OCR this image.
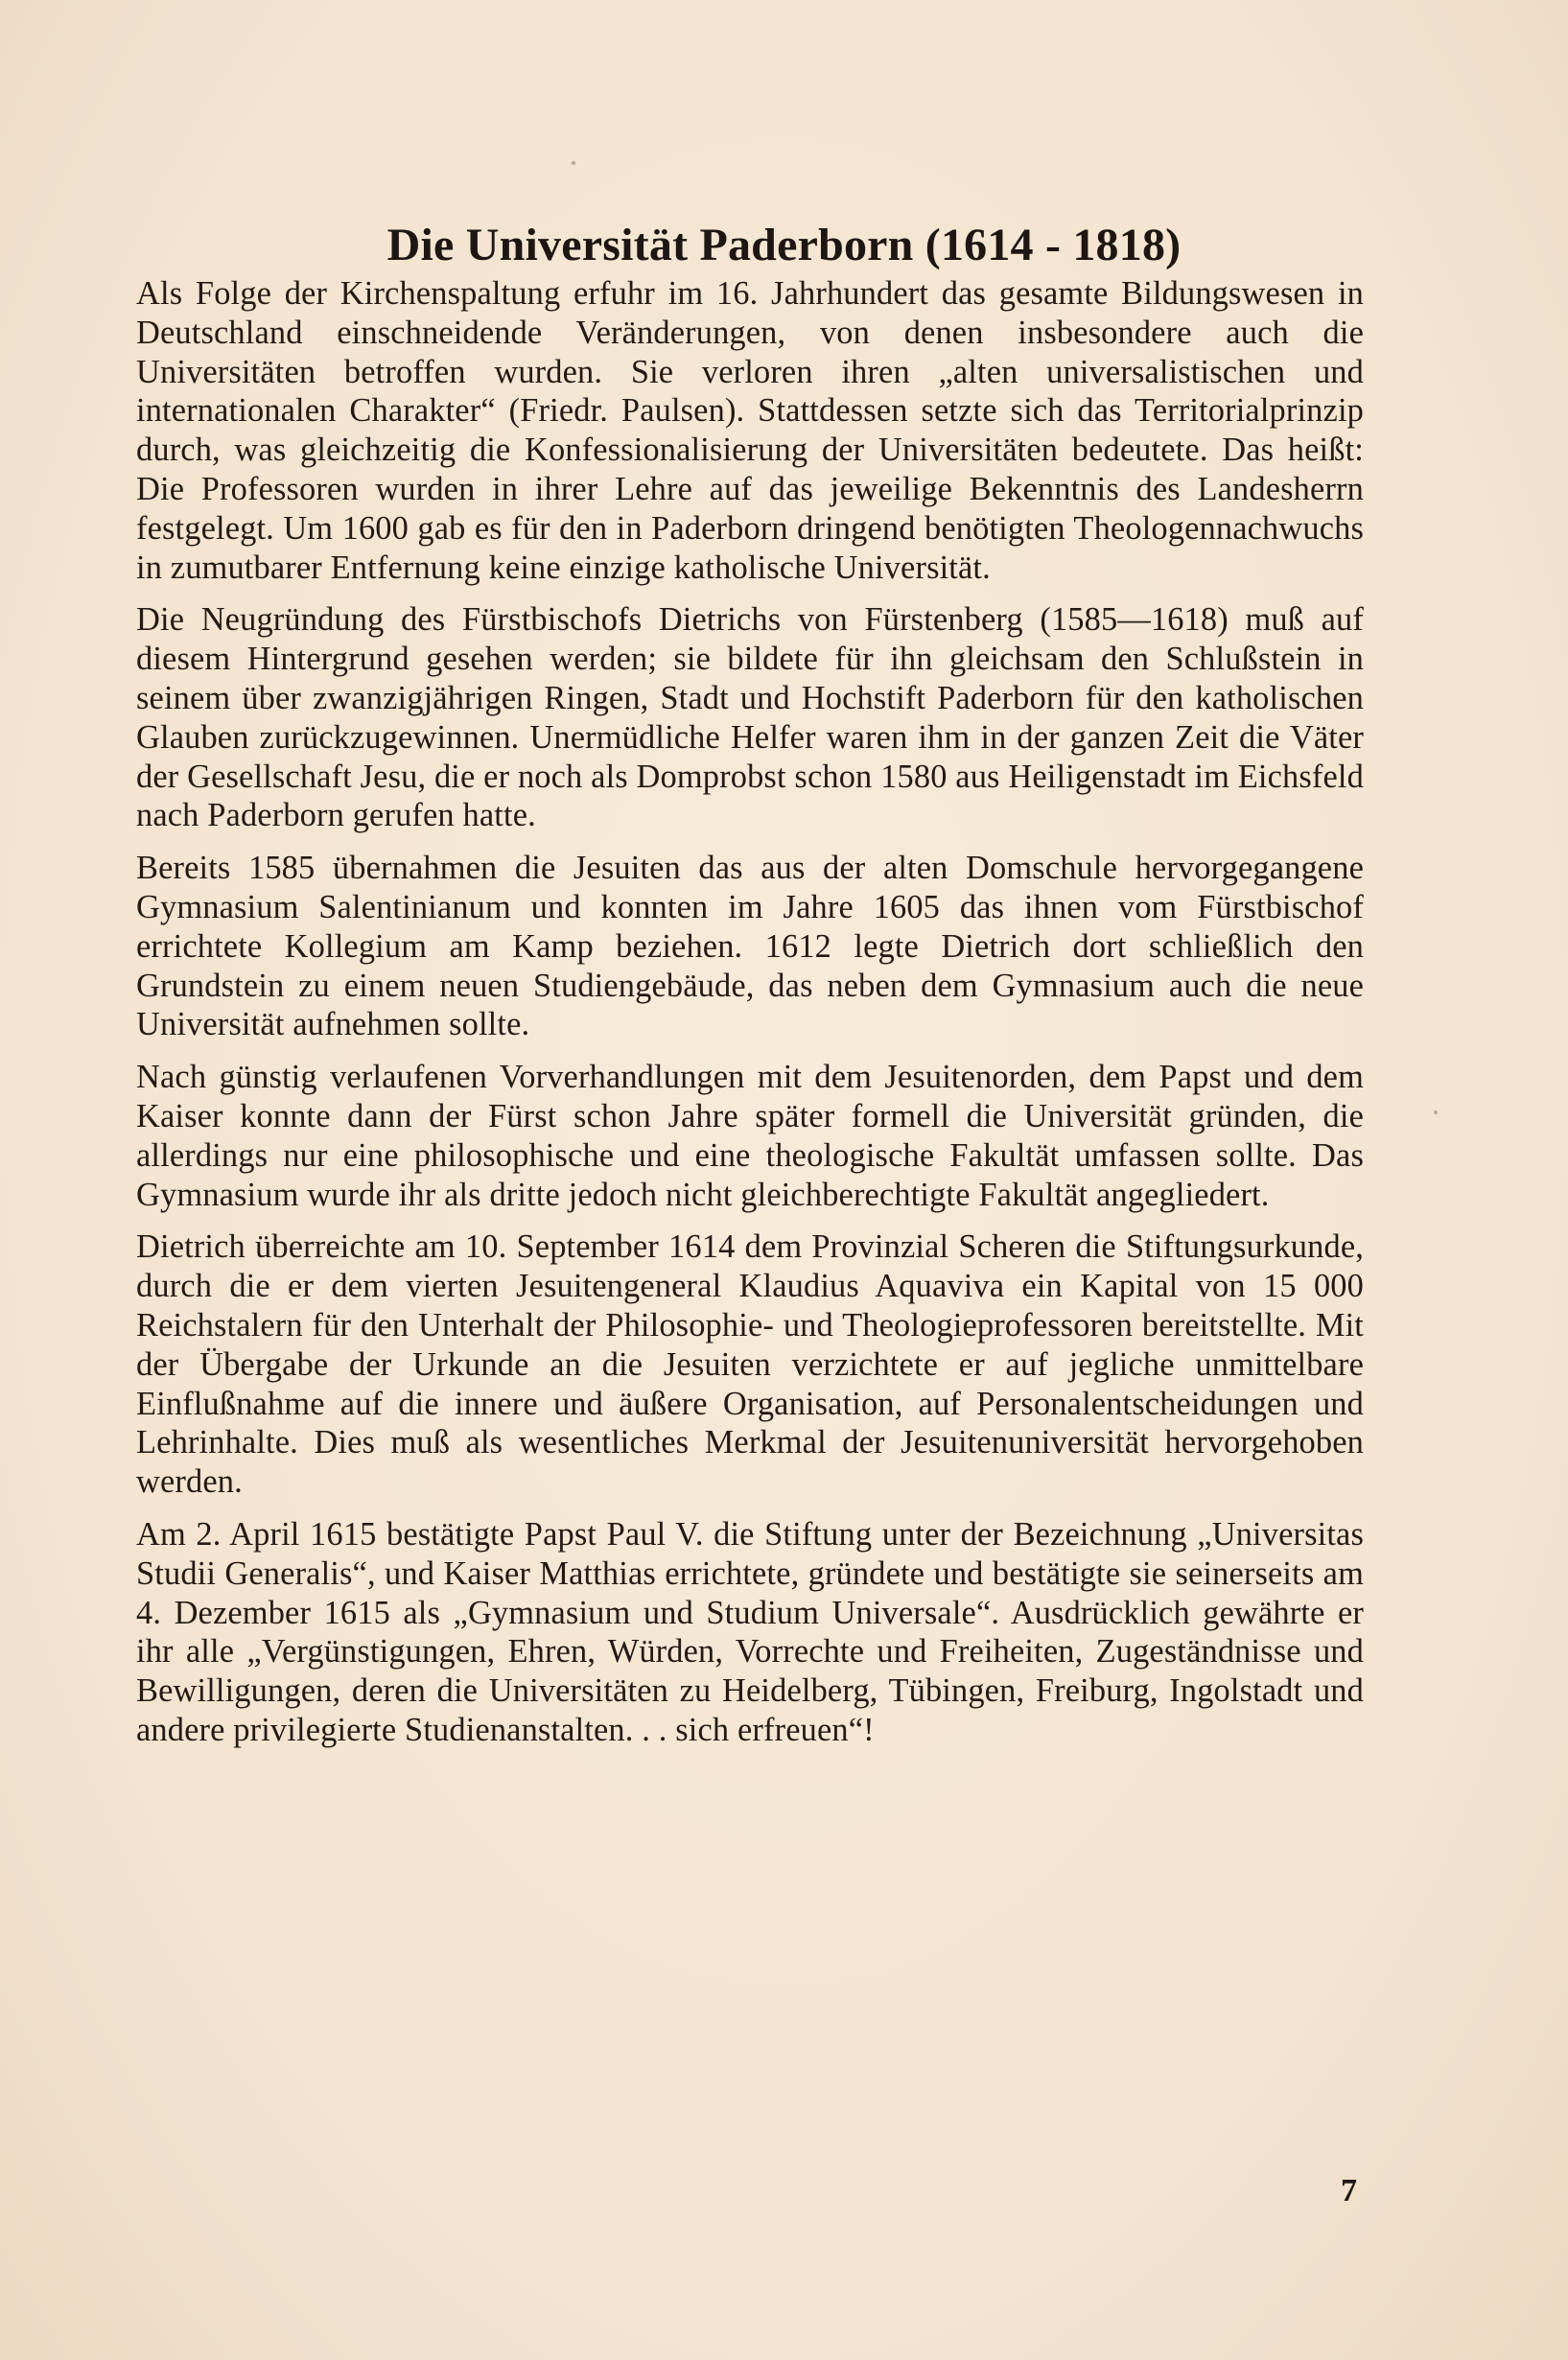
Die Universität Paderborn (1614 - 1818)

Als Folge der Kirchenspaltung erfuhr im 16. Jahrhundert das gesamte Bildungswesen in Deutschland einschneidende Veränderungen, von denen insbesondere auch die Universitäten betroffen wurden. Sie verloren ihren „alten universalistischen und internationalen Charakter“ (Friedr. Paulsen). Stattdessen setzte sich das Territorialprinzip durch, was gleichzeitig die Konfessionalisierung der Universitäten bedeutete. Das heißt: Die Professoren wurden in ihrer Lehre auf das jeweilige Bekenntnis des Landesherrn festgelegt. Um 1600 gab es für den in Paderborn dringend benötigten Theologennachwuchs in zumutbarer Entfernung keine einzige katholische Universität.

Die Neugründung des Fürstbischofs Dietrichs von Fürstenberg (1585—1618) muß auf diesem Hintergrund gesehen werden; sie bildete für ihn gleichsam den Schlußstein in seinem über zwanzigjährigen Ringen, Stadt und Hochstift Paderborn für den katholischen Glauben zurückzugewinnen. Unermüdliche Helfer waren ihm in der ganzen Zeit die Väter der Gesellschaft Jesu, die er noch als Domprobst schon 1580 aus Heiligenstadt im Eichsfeld nach Paderborn gerufen hatte.

Bereits 1585 übernahmen die Jesuiten das aus der alten Domschule hervorgegangene Gymnasium Salentinianum und konnten im Jahre 1605 das ihnen vom Fürstbischof errichtete Kollegium am Kamp beziehen. 1612 legte Dietrich dort schließlich den Grundstein zu einem neuen Studiengebäude, das neben dem Gymnasium auch die neue Universität aufnehmen sollte.

Nach günstig verlaufenen Vorverhandlungen mit dem Jesuitenorden, dem Papst und dem Kaiser konnte dann der Fürst schon Jahre später formell die Universität gründen, die allerdings nur eine philosophische und eine theologische Fakultät umfassen sollte. Das Gymnasium wurde ihr als dritte jedoch nicht gleichberechtigte Fakultät angegliedert.

Dietrich überreichte am 10. September 1614 dem Provinzial Scheren die Stiftungsurkunde, durch die er dem vierten Jesuitengeneral Klaudius Aquaviva ein Kapital von 15 000 Reichstalern für den Unterhalt der Philosophie- und Theologieprofessoren bereitstellte. Mit der Übergabe der Urkunde an die Jesuiten verzichtete er auf jegliche unmittelbare Einflußnahme auf die innere und äußere Organisation, auf Personalentscheidungen und Lehrinhalte. Dies muß als wesentliches Merkmal der Jesuitenuniversität hervorgehoben werden.

Am 2. April 1615 bestätigte Papst Paul V. die Stiftung unter der Bezeichnung „Universitas Studii Generalis“, und Kaiser Matthias errichtete, gründete und bestätigte sie seinerseits am 4. Dezember 1615 als „Gymnasium und Studium Universale“. Ausdrücklich gewährte er ihr alle „Vergünstigungen, Ehren, Würden, Vorrechte und Freiheiten, Zugeständnisse und Bewilligungen, deren die Universitäten zu Heidelberg, Tübingen, Freiburg, Ingolstadt und andere privilegierte Studienanstalten. . . sich erfreuen“!

7
